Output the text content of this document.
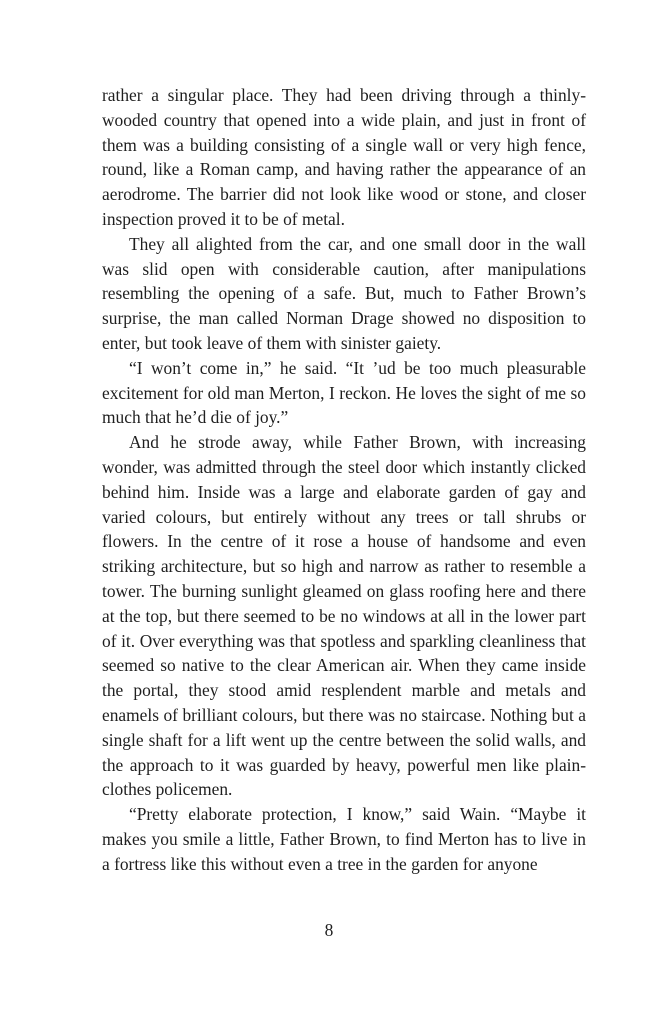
rather a singular place. They had been driving through a thinly-wooded country that opened into a wide plain, and just in front of them was a building consisting of a single wall or very high fence, round, like a Roman camp, and having rather the appearance of an aerodrome. The barrier did not look like wood or stone, and closer inspection proved it to be of metal.

They all alighted from the car, and one small door in the wall was slid open with considerable caution, after manipulations resembling the opening of a safe. But, much to Father Brown’s surprise, the man called Norman Drage showed no disposition to enter, but took leave of them with sinister gaiety.

“I won’t come in,” he said. “It ’ud be too much pleasurable excitement for old man Merton, I reckon. He loves the sight of me so much that he’d die of joy.”

And he strode away, while Father Brown, with increasing wonder, was admitted through the steel door which instantly clicked behind him. Inside was a large and elaborate garden of gay and varied colours, but entirely without any trees or tall shrubs or flowers. In the centre of it rose a house of handsome and even striking architecture, but so high and narrow as rather to resemble a tower. The burning sunlight gleamed on glass roofing here and there at the top, but there seemed to be no windows at all in the lower part of it. Over everything was that spotless and sparkling cleanliness that seemed so native to the clear American air. When they came inside the portal, they stood amid resplendent marble and metals and enamels of brilliant colours, but there was no staircase. Nothing but a single shaft for a lift went up the centre between the solid walls, and the approach to it was guarded by heavy, powerful men like plain-clothes policemen.

“Pretty elaborate protection, I know,” said Wain. “Maybe it makes you smile a little, Father Brown, to find Merton has to live in a fortress like this without even a tree in the garden for anyone

8
